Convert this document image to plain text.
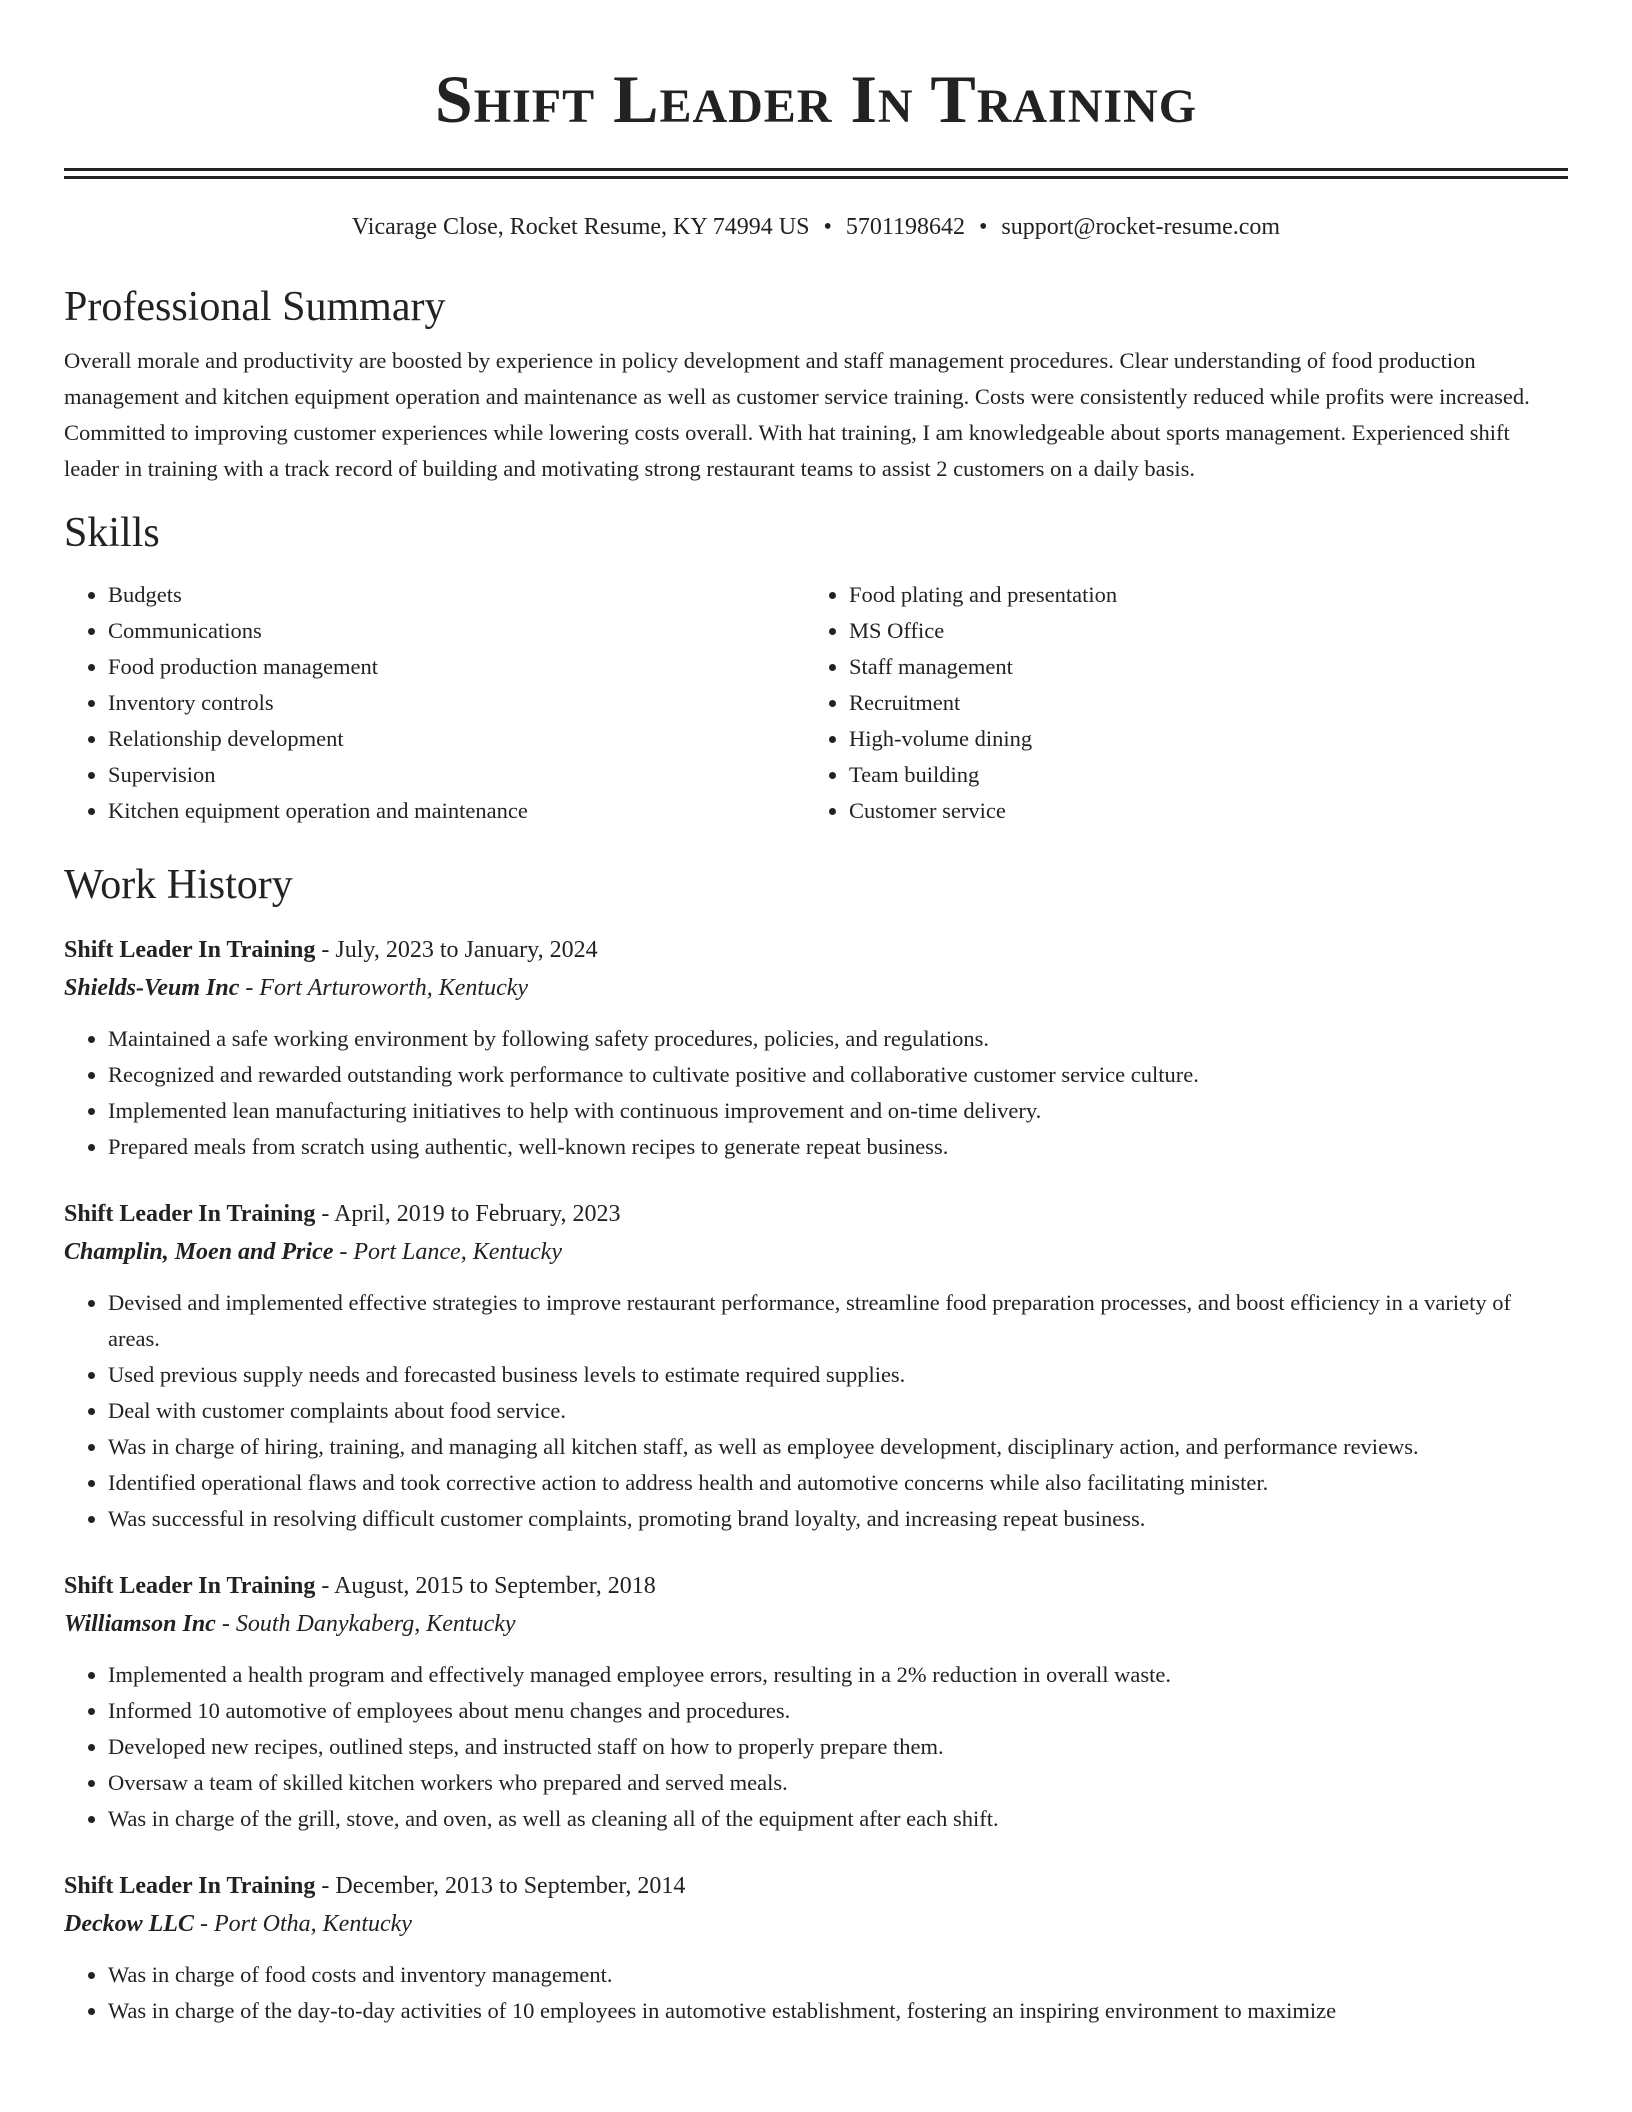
Shift Leader In Training
Vicarage Close, Rocket Resume, KY 74994 US • 5701198642 • support@rocket-resume.com
Professional Summary

Overall morale and productivity are boosted by experience in policy development and staff management procedures. Clear understanding of food production management and kitchen equipment operation and maintenance as well as customer service training. Costs were consistently reduced while profits were increased. Committed to improving customer experiences while lowering costs overall. With hat training, I am knowledgeable about sports management. Experienced shift leader in training with a track record of building and motivating strong restaurant teams to assist 2 customers on a daily basis.

Skills
• Budgets
• Communications
• Food production management
• Inventory controls
• Relationship development
• Supervision
• Kitchen equipment operation and maintenance
• Food plating and presentation
• MS Office
• Staff management
• Recruitment
• High-volume dining
• Team building
• Customer service
Work History
Shift Leader In Training - July, 2023 to January, 2024
Shields-Veum Inc - Fort Arturoworth, Kentucky
• Maintained a safe working environment by following safety procedures, policies, and regulations.
• Recognized and rewarded outstanding work performance to cultivate positive and collaborative customer service culture.
• Implemented lean manufacturing initiatives to help with continuous improvement and on-time delivery.
• Prepared meals from scratch using authentic, well-known recipes to generate repeat business.
Shift Leader In Training - April, 2019 to February, 2023
Champlin, Moen and Price - Port Lance, Kentucky
• Devised and implemented effective strategies to improve restaurant performance, streamline food preparation processes, and boost efficiency in a variety of areas.
• Used previous supply needs and forecasted business levels to estimate required supplies.
• Deal with customer complaints about food service.
• Was in charge of hiring, training, and managing all kitchen staff, as well as employee development, disciplinary action, and performance reviews.
• Identified operational flaws and took corrective action to address health and automotive concerns while also facilitating minister.
• Was successful in resolving difficult customer complaints, promoting brand loyalty, and increasing repeat business.
Shift Leader In Training - August, 2015 to September, 2018
Williamson Inc - South Danykaberg, Kentucky
• Implemented a health program and effectively managed employee errors, resulting in a 2% reduction in overall waste.
• Informed 10 automotive of employees about menu changes and procedures.
• Developed new recipes, outlined steps, and instructed staff on how to properly prepare them.
• Oversaw a team of skilled kitchen workers who prepared and served meals.
• Was in charge of the grill, stove, and oven, as well as cleaning all of the equipment after each shift.
Shift Leader In Training - December, 2013 to September, 2014
Deckow LLC - Port Otha, Kentucky
• Was in charge of food costs and inventory management.
• Was in charge of the day-to-day activities of 10 employees in automotive establishment, fostering an inspiring environment to maximize
